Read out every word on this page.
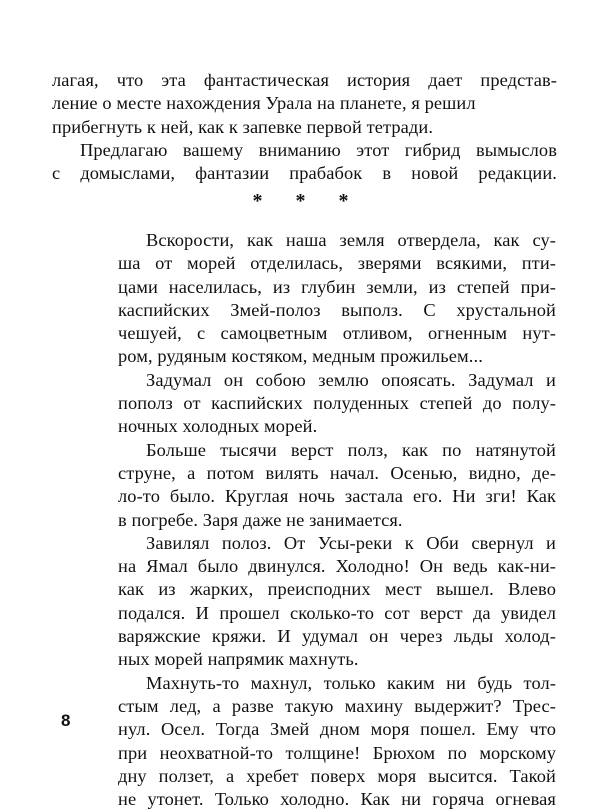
лагая, что эта фантастическая история дает представ-
ление о месте нахождения Урала на планете, я решил
прибегнуть к ней, как к запевке первой тетради.
Предлагаю вашему вниманию этот гибрид вымыслов
с домыслами, фантазии прабабок в новой редакции.
* * *
Вскорости, как наша земля отвердела, как су-
ша от морей отделилась, зверями всякими, пти-
цами населилась, из глубин земли, из степей при-
каспийских Змей-полоз выполз. С хрустальной
чешуей, с самоцветным отливом, огненным нут-
ром, рудяным костяком, медным прожильем...
Задумал он собою землю опоясать. Задумал и
пополз от каспийских полуденных степей до полу-
ночных холодных морей.
Больше тысячи верст полз, как по натянутой
струне, а потом вилять начал. Осенью, видно, де-
ло-то было. Круглая ночь застала его. Ни зги! Как
в погребе. Заря даже не занимается.
Завилял полоз. От Усы-реки к Оби свернул и
на Ямал было двинулся. Холодно! Он ведь как-ни-
как из жарких, преисподних мест вышел. Влево
подался. И прошел сколько-то сот верст да увидел
варяжские кряжи. И удумал он через льды холод-
ных морей напрямик махнуть.
Махнуть-то махнул, только каким ни будь тол-
стым лед, а разве такую махину выдержит? Трес-
нул. Осел. Тогда Змей дном моря пошел. Ему что
при неохватной-то толщине! Брюхом по морскому
дну ползет, а хребет поверх моря высится. Такой
не утонет. Только холодно. Как ни горяча огневая
8
